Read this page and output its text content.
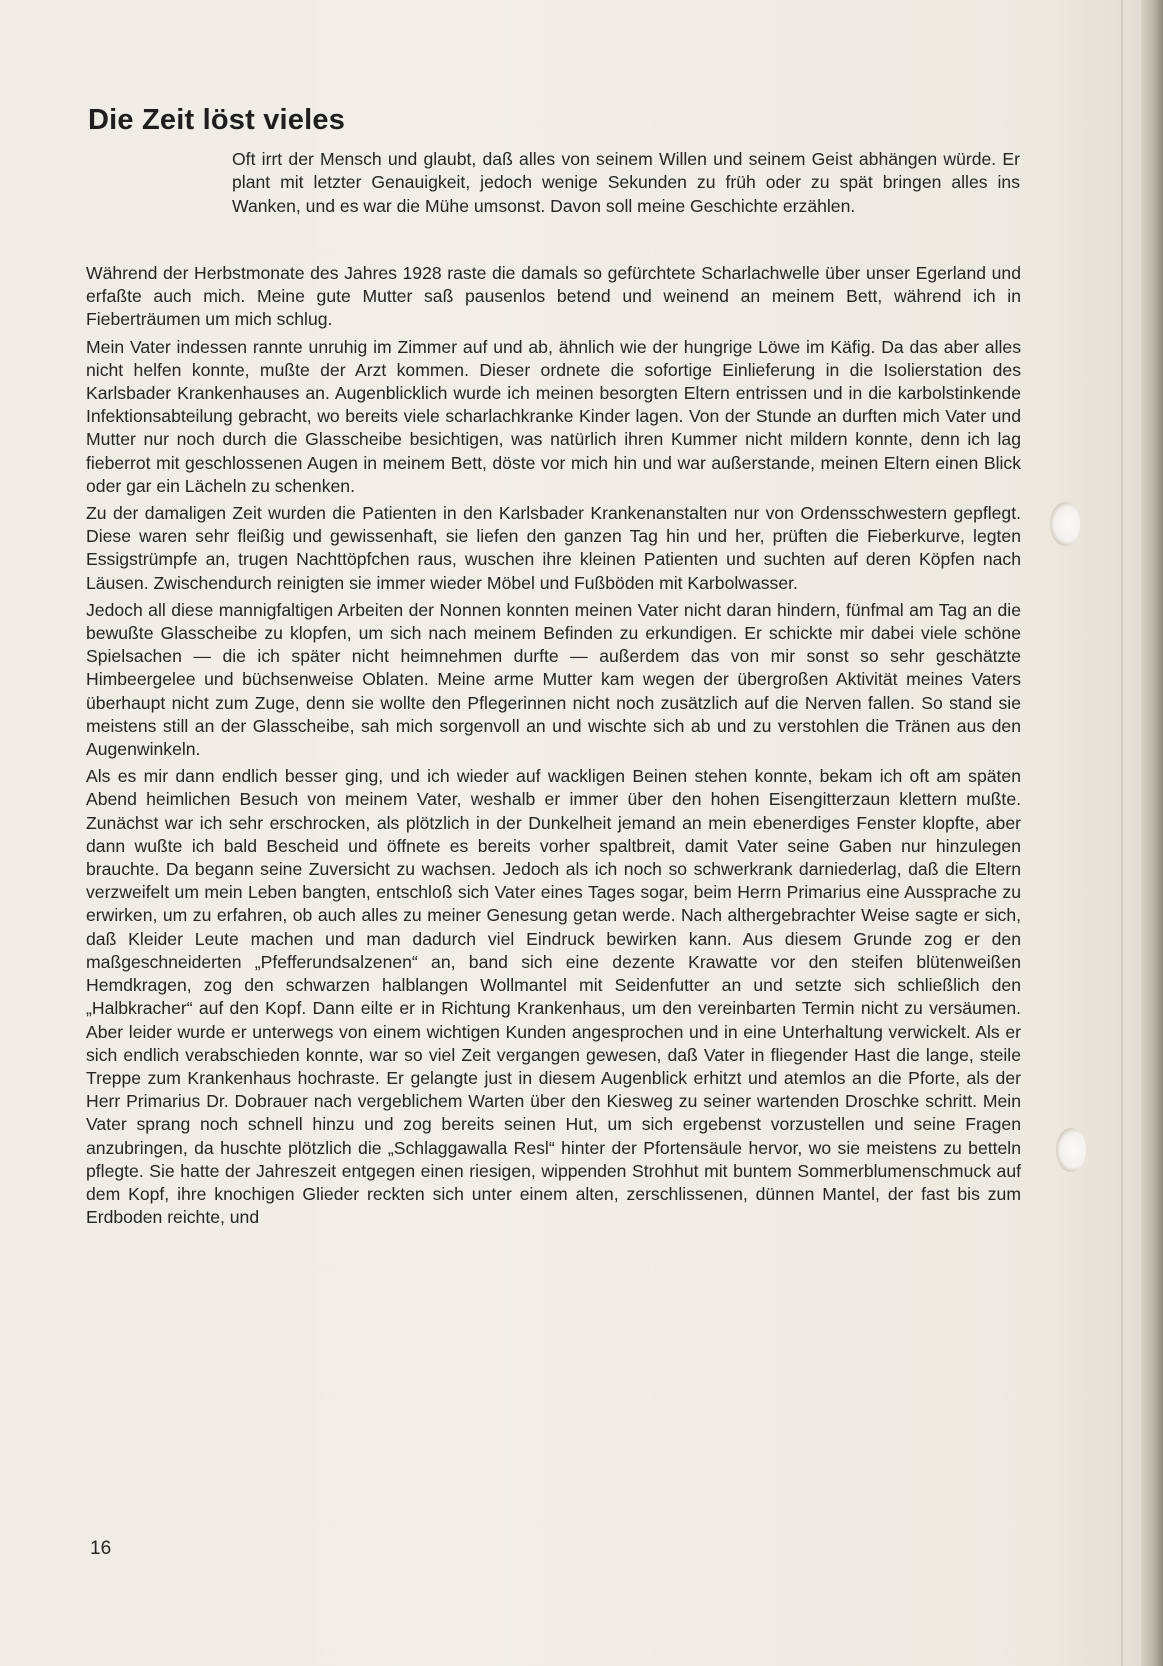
Die Zeit löst vieles

Oft irrt der Mensch und glaubt, daß alles von seinem Willen und seinem Geist abhängen würde. Er plant mit letzter Genauigkeit, jedoch wenige Sekunden zu früh oder zu spät bringen alles ins Wanken, und es war die Mühe umsonst. Davon soll meine Geschichte erzählen.

Während der Herbstmonate des Jahres 1928 raste die damals so gefürchtete Scharlachwelle über unser Egerland und erfaßte auch mich. Meine gute Mutter saß pausenlos betend und weinend an meinem Bett, während ich in Fieberträumen um mich schlug.

Mein Vater indessen rannte unruhig im Zimmer auf und ab, ähnlich wie der hungrige Löwe im Käfig. Da das aber alles nicht helfen konnte, mußte der Arzt kommen. Dieser ordnete die sofortige Einlieferung in die Isolierstation des Karlsbader Krankenhauses an. Augenblicklich wurde ich meinen besorgten Eltern entrissen und in die karbolstinkende Infektionsabteilung gebracht, wo bereits viele scharlachkranke Kinder lagen. Von der Stunde an durften mich Vater und Mutter nur noch durch die Glasscheibe besichtigen, was natürlich ihren Kummer nicht mildern konnte, denn ich lag fieberrot mit geschlossenen Augen in meinem Bett, döste vor mich hin und war außerstande, meinen Eltern einen Blick oder gar ein Lächeln zu schenken.

Zu der damaligen Zeit wurden die Patienten in den Karlsbader Krankenanstalten nur von Ordensschwestern gepflegt. Diese waren sehr fleißig und gewissenhaft, sie liefen den ganzen Tag hin und her, prüften die Fieberkurve, legten Essigstrümpfe an, trugen Nachttöpfchen raus, wuschen ihre kleinen Patienten und suchten auf deren Köpfen nach Läusen. Zwischendurch reinigten sie immer wieder Möbel und Fußböden mit Karbolwasser.

Jedoch all diese mannigfaltigen Arbeiten der Nonnen konnten meinen Vater nicht daran hindern, fünfmal am Tag an die bewußte Glasscheibe zu klopfen, um sich nach meinem Befinden zu erkundigen. Er schickte mir dabei viele schöne Spielsachen — die ich später nicht heimnehmen durfte — außerdem das von mir sonst so sehr geschätzte Himbeergelee und büchsenweise Oblaten. Meine arme Mutter kam wegen der übergroßen Aktivität meines Vaters überhaupt nicht zum Zuge, denn sie wollte den Pflegerinnen nicht noch zusätzlich auf die Nerven fallen. So stand sie meistens still an der Glasscheibe, sah mich sorgenvoll an und wischte sich ab und zu verstohlen die Tränen aus den Augenwinkeln.

Als es mir dann endlich besser ging, und ich wieder auf wackligen Beinen stehen konnte, bekam ich oft am späten Abend heimlichen Besuch von meinem Vater, weshalb er immer über den hohen Eisengitterzaun klettern mußte. Zunächst war ich sehr erschrocken, als plötzlich in der Dunkelheit jemand an mein ebenerdiges Fenster klopfte, aber dann wußte ich bald Bescheid und öffnete es bereits vorher spaltbreit, damit Vater seine Gaben nur hinzulegen brauchte. Da begann seine Zuversicht zu wachsen. Jedoch als ich noch so schwerkrank darniederlag, daß die Eltern verzweifelt um mein Leben bangten, entschloß sich Vater eines Tages sogar, beim Herrn Primarius eine Aussprache zu erwirken, um zu erfahren, ob auch alles zu meiner Genesung getan werde. Nach althergebrachter Weise sagte er sich, daß Kleider Leute machen und man dadurch viel Eindruck bewirken kann. Aus diesem Grunde zog er den maßgeschneiderten „Pfefferundsalzenen“ an, band sich eine dezente Krawatte vor den steifen blütenweißen Hemdkragen, zog den schwarzen halblangen Wollmantel mit Seidenfutter an und setzte sich schließlich den „Halbkracher“ auf den Kopf. Dann eilte er in Richtung Krankenhaus, um den vereinbarten Termin nicht zu versäumen. Aber leider wurde er unterwegs von einem wichtigen Kunden angesprochen und in eine Unterhaltung verwickelt. Als er sich endlich verabschieden konnte, war so viel Zeit vergangen gewesen, daß Vater in fliegender Hast die lange, steile Treppe zum Krankenhaus hochraste. Er gelangte just in diesem Augenblick erhitzt und atemlos an die Pforte, als der Herr Primarius Dr. Dobrauer nach vergeblichem Warten über den Kiesweg zu seiner wartenden Droschke schritt. Mein Vater sprang noch schnell hinzu und zog bereits seinen Hut, um sich ergebenst vorzustellen und seine Fragen anzubringen, da huschte plötzlich die „Schlaggawalla Resl“ hinter der Pfortensäule hervor, wo sie meistens zu betteln pflegte. Sie hatte der Jahreszeit entgegen einen riesigen, wippenden Strohhut mit buntem Sommerblumenschmuck auf dem Kopf, ihre knochigen Glieder reckten sich unter einem alten, zerschlissenen, dünnen Mantel, der fast bis zum Erdboden reichte, und

16
